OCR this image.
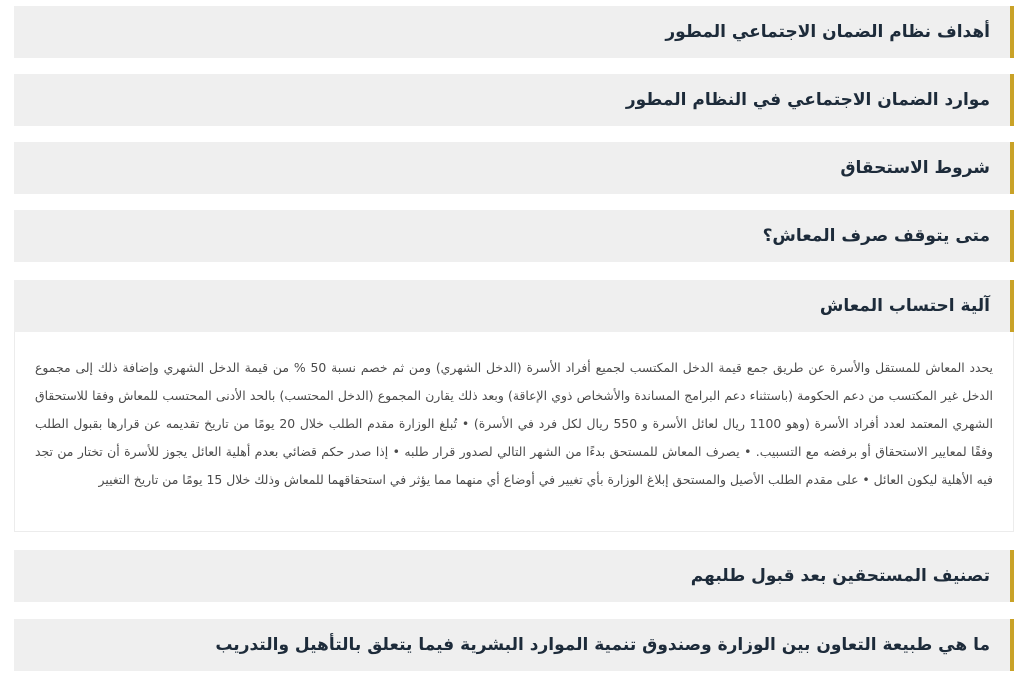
أهداف نظام الضمان الاجتماعي المطور
موارد الضمان الاجتماعي في النظام المطور
شروط الاستحقاق
متى يتوقف صرف المعاش؟
آلية احتساب المعاش

يحدد المعاش للمستقل والأسرة عن طريق جمع قيمة الدخل المكتسب لجميع أفراد الأسرة (الدخل الشهري) ومن ثم خصم نسبة 50 % من قيمة الدخل الشهري وإضافة ذلك إلى مجموع الدخل غير المكتسب من دعم الحكومة (باستثناء دعم البرامج المساندة والأشخاص ذوي الإعاقة) وبعد ذلك يقارن المجموع (الدخل المحتسب) بالحد الأدنى المحتسب للمعاش وفقا للاستحقاق الشهري المعتمد لعدد أفراد الأسرة (وهو 1100 ريال لعائل الأسرة و 550 ريال لكل فرد في الأسرة) • تُبلغ الوزارة مقدم الطلب خلال 20 يومًا من تاريخ تقديمه عن قرارها بقبول الطلب وفقًا لمعايير الاستحقاق أو برفضه مع التسبيب. • يصرف المعاش للمستحق بدءًا من الشهر التالي لصدور قرار طلبه • إذا صدر حكم قضائي بعدم أهلية العائل يجوز للأسرة أن تختار من تجد فيه الأهلية ليكون العائل • على مقدم الطلب الأصيل والمستحق إبلاغ الوزارة بأي تغيير في أوضاع أي منهما مما يؤثر في استحقاقهما للمعاش وذلك خلال 15 يومًا من تاريخ التغيير

تصنيف المستحقين بعد قبول طلبهم
ما هي طبيعة التعاون بين الوزارة وصندوق تنمية الموارد البشرية فيما يتعلق بالتأهيل والتدريب
